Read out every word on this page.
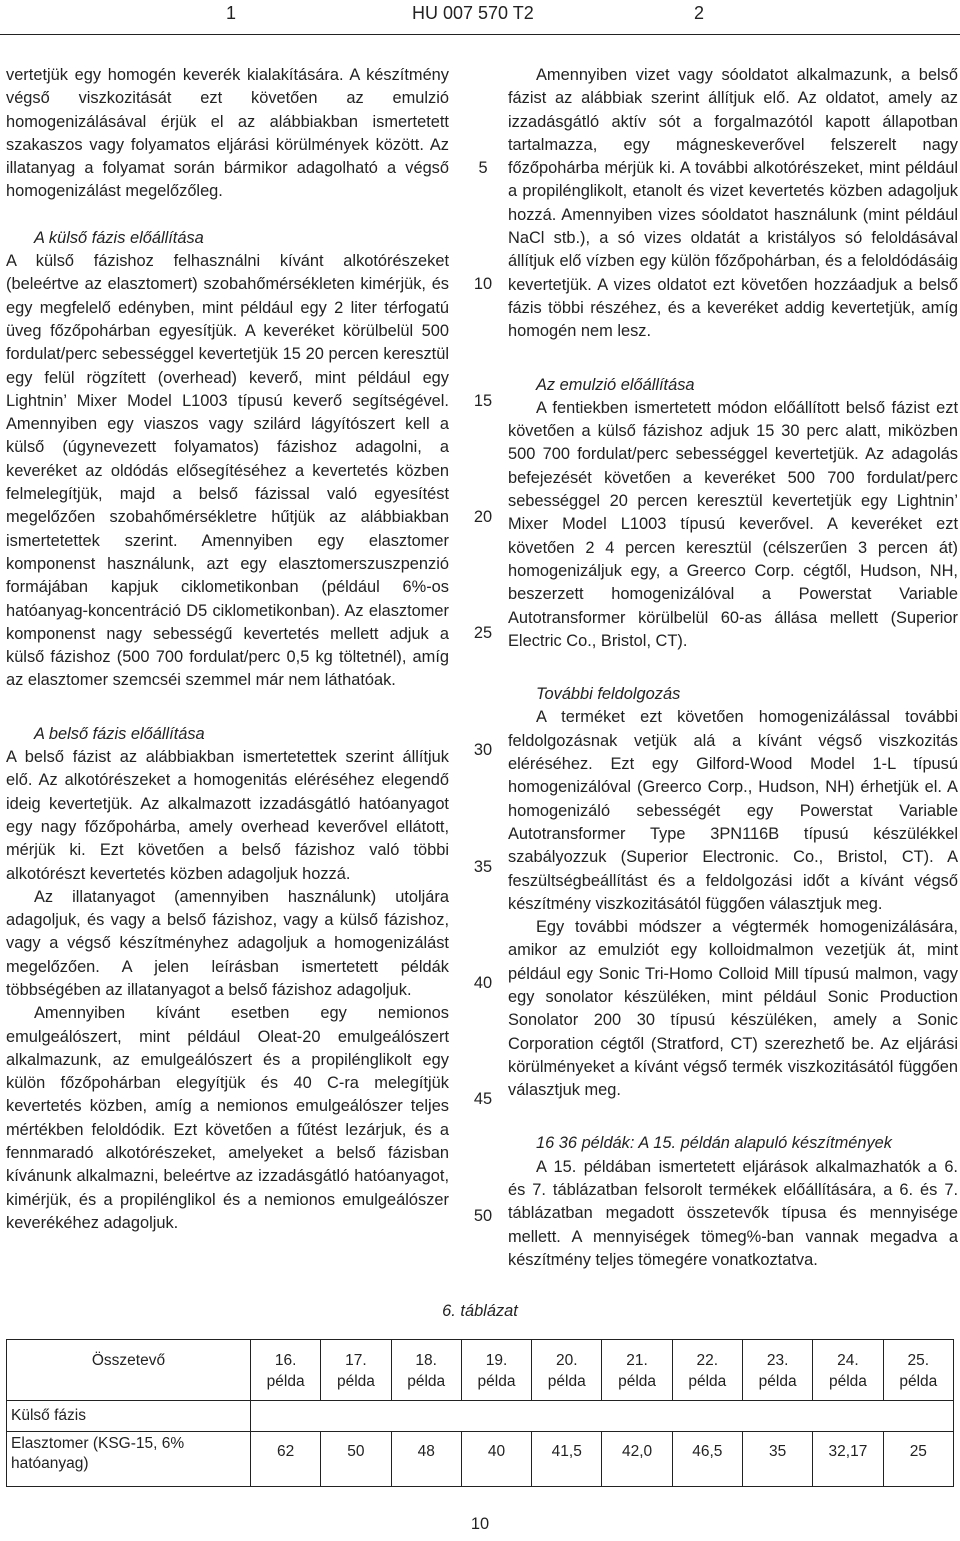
1	HU 007 570 T2	2

vertetjük egy homogén keverék kialakítására. A készítmény végső viszkozitását ezt követően az emulzió homogenizálásával érjük el az alábbiakban ismertetett szakaszos vagy folyamatos eljárási körülmények között. Az illatanyag a folyamat során bármikor adagolható a végső homogenizálást megelőzőleg.

A külső fázis előállítása

A külső fázishoz felhasználni kívánt alkotórészeket (beleértve az elasztomert) szobahőmérsékleten kimérjük, és egy megfelelő edényben, mint például egy 2 liter térfogatú üveg főzőpohárban egyesítjük. A keveréket körülbelül 500 fordulat/perc sebességgel kevertetjük 15 20 percen keresztül egy felül rögzített (overhead) keverő, mint például egy Lightnin’ Mixer Model L1003 típusú keverő segítségével. Amennyiben egy viaszos vagy szilárd lágyítószert kell a külső (úgynevezett folyamatos) fázishoz adagolni, a keveréket az oldódás elősegítéséhez a kevertetés közben felmelegítjük, majd a belső fázissal való egyesítést megelőzően szobahőmérsékletre hűtjük az alábbiakban ismertetettek szerint. Amennyiben egy elasztomer komponenst használunk, azt egy elasztomerszuszpenzió formájában kapjuk ciklometikonban (például 6%-os hatóanyag-koncentráció D5 ciklometikonban). Az elasztomer komponenst nagy sebességű kevertetés mellett adjuk a külső fázishoz (500 700 fordulat/perc 0,5 kg töltetnél), amíg az elasztomer szemcséi szemmel már nem láthatóak.

A belső fázis előállítása

A belső fázist az alábbiakban ismertetettek szerint állítjuk elő. Az alkotórészeket a homogenitás eléréséhez elegendő ideig kevertetjük. Az alkalmazott izzadásgátló hatóanyagot egy nagy főzőpohárba, amely overhead keverővel ellátott, mérjük ki. Ezt követően a belső fázishoz való többi alkotórészt kevertetés közben adagoljuk hozzá.

Az illatanyagot (amennyiben használunk) utoljára adagoljuk, és vagy a belső fázishoz, vagy a külső fázishoz, vagy a végső készítményhez adagoljuk a homogenizálást megelőzően. A jelen leírásban ismertetett példák többségében az illatanyagot a belső fázishoz adagoljuk.

Amennyiben kívánt esetben egy nemionos emulgeálószert, mint például Oleat-20 emulgeálószert alkalmazunk, az emulgeálószert és a propilénglikolt egy külön főzőpohárban elegyítjük és 40 C-ra melegítjük kevertetés közben, amíg a nemionos emulgeálószer teljes mértékben feloldódik. Ezt követően a fűtést lezárjuk, és a fennmaradó alkotórészeket, amelyeket a belső fázisban kívánunk alkalmazni, beleértve az izzadásgátló hatóanyagot, kimérjük, és a propilénglikol és a nemionos emulgeálószer keverékéhez adagoljuk.

Amennyiben vizet vagy sóoldatot alkalmazunk, a belső fázist az alábbiak szerint állítjuk elő. Az oldatot, amely az izzadásgátló aktív sót a forgalmazótól kapott állapotban tartalmazza, egy mágneskeverővel felszerelt nagy főzőpohárba mérjük ki. A további alkotórészeket, mint például a propilénglikolt, etanolt és vizet kevertetés közben adagoljuk hozzá. Amennyiben vizes sóoldatot használunk (mint például NaCl stb.), a só vizes oldatát a kristályos só feloldásával állítjuk elő vízben egy külön főzőpohárban, és a feloldódásáig kevertetjük. A vizes oldatot ezt követően hozzáadjuk a belső fázis többi részéhez, és a keveréket addig kevertetjük, amíg homogén nem lesz.

Az emulzió előállítása

A fentiekben ismertetett módon előállított belső fázist ezt követően a külső fázishoz adjuk 15 30 perc alatt, miközben 500 700 fordulat/perc sebességgel kevertetjük. Az adagolás befejezését követően a keveréket 500 700 fordulat/perc sebességgel 20 percen keresztül kevertetjük egy Lightnin’ Mixer Model L1003 típusú keverővel. A keveréket ezt követően 2 4 percen keresztül (célszerűen 3 percen át) homogenizáljuk egy, a Greerco Corp. cégtől, Hudson, NH, beszerzett homogenizálóval a Powerstat Variable Autotransformer körülbelül 60-as állása mellett (Superior Electric Co., Bristol, CT).

További feldolgozás

A terméket ezt követően homogenizálással további feldolgozásnak vetjük alá a kívánt végső viszkozitás eléréséhez. Ezt egy Gilford-Wood Model 1-L típusú homogenizálóval (Greerco Corp., Hudson, NH) érhetjük el. A homogenizáló sebességét egy Powerstat Variable Autotransformer Type 3PN116B típusú készülékkel szabályozzuk (Superior Electronic. Co., Bristol, CT). A feszültségbeállítást és a feldolgozási időt a kívánt végső készítmény viszkozitásától függően választjuk meg.

Egy további módszer a végtermék homogenizálására, amikor az emulziót egy kolloidmalmon vezetjük át, mint például egy Sonic Tri-Homo Colloid Mill típusú malmon, vagy egy sonolator készüléken, mint például Sonic Production Sonolator 200 30 típusú készüléken, amely a Sonic Corporation cégtől (Stratford, CT) szerezhető be. Az eljárási körülményeket a kívánt végső termék viszkozitásától függően választjuk meg.

16 36 példák: A 15. példán alapuló készítmények

A 15. példában ismertetett eljárások alkalmazhatók a 6. és 7. táblázatban felsorolt termékek előállítására, a 6. és 7. táblázatban megadott összetevők típusa és mennyisége mellett. A mennyiségek tömeg%-ban vannak megadva a készítmény teljes tömegére vonatkoztatva.

5
10
15
20
25
30
35
40
45
50
6. táblázat
Összetevő	16. példa	17. példa	18. példa	19. példa	20. példa	21. példa	22. példa	23. példa	24. példa	25. példa
Külső fázis										
Elasztomer (KSG-15, 6% hatóanyag)	62	50	48	40	41,5	42,0	46,5	35	32,17	25
10
